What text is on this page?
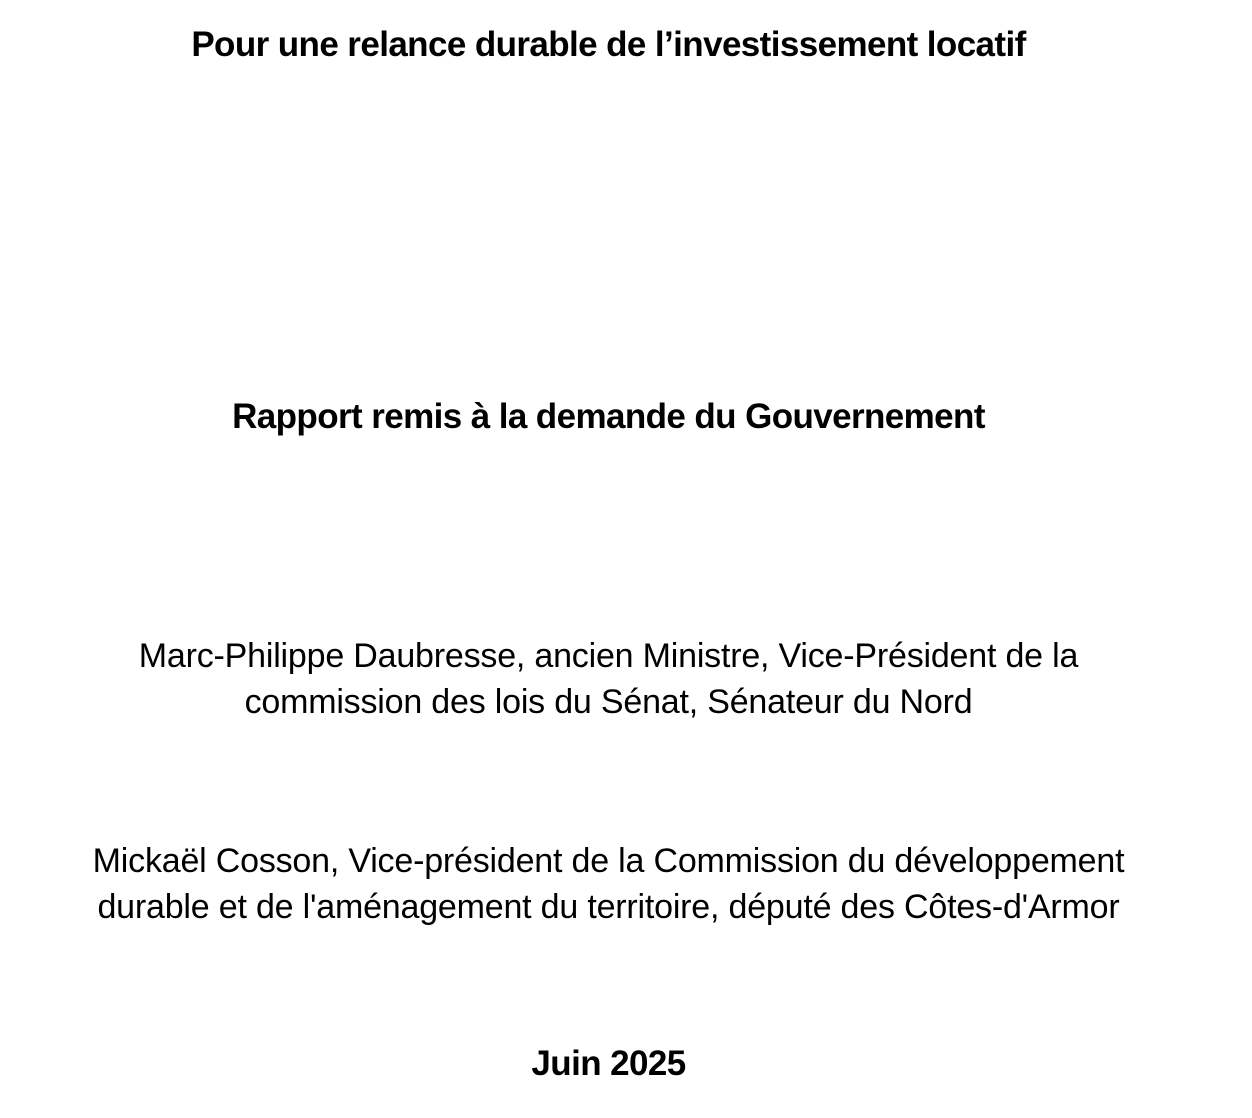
Pour une relance durable de l’investissement locatif
Rapport remis à la demande du Gouvernement
Marc-Philippe Daubresse, ancien Ministre, Vice-Président de la
commission des lois du Sénat, Sénateur du Nord
Mickaël Cosson, Vice-président de la Commission du développement
durable et de l'aménagement du territoire, député des Côtes-d'Armor
Juin 2025
